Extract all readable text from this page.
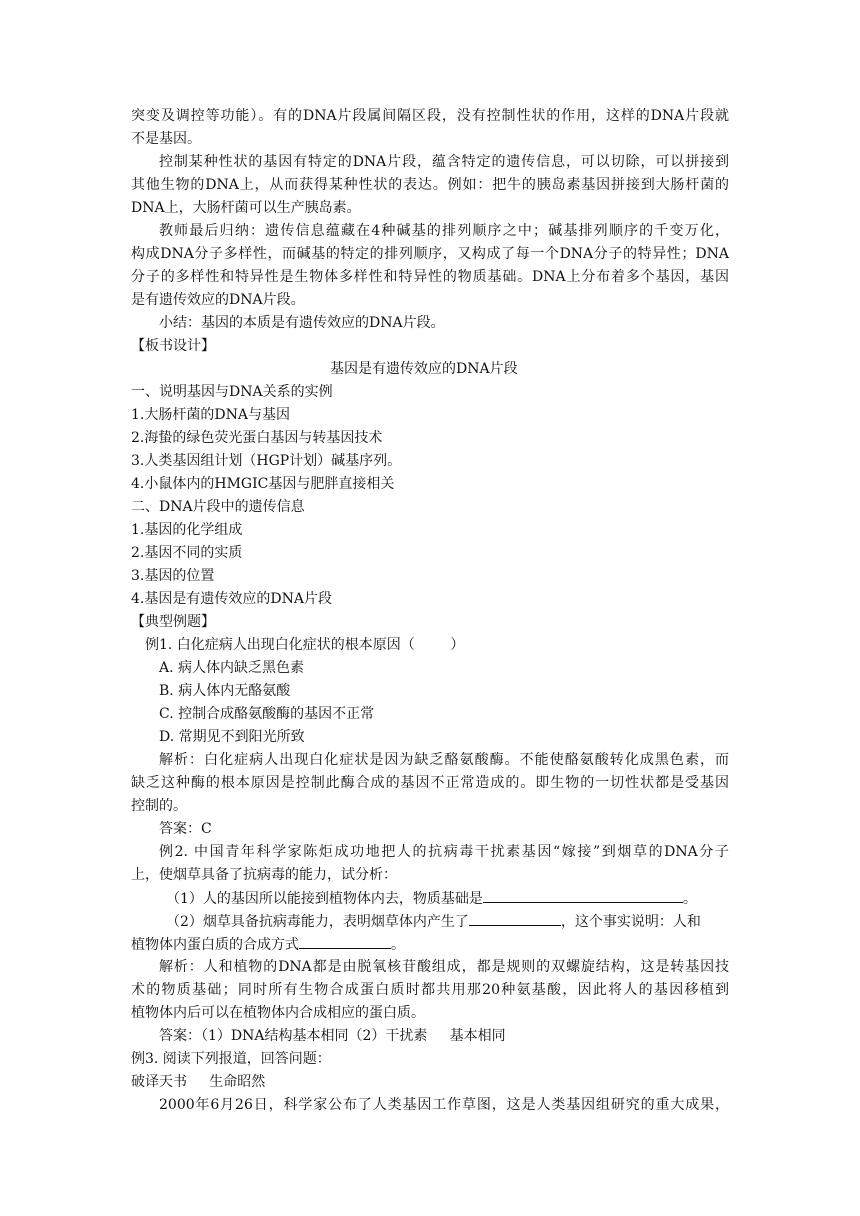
突变及调控等功能）。有的DNA片段属间隔区段，没有控制性状的作用，这样的DNA片段就
不是基因。
控制某种性状的基因有特定的DNA片段，蕴含特定的遗传信息，可以切除，可以拼接到
其他生物的DNA上，从而获得某种性状的表达。例如：把牛的胰岛素基因拼接到大肠杆菌的
DNA上，大肠杆菌可以生产胰岛素。
教师最后归纳：遗传信息蕴藏在4种碱基的排列顺序之中；碱基排列顺序的千变万化，
构成DNA分子多样性，而碱基的特定的排列顺序，又构成了每一个DNA分子的特异性；DNA
分子的多样性和特异性是生物体多样性和特异性的物质基础。DNA上分布着多个基因，基因
是有遗传效应的DNA片段。
小结：基因的本质是有遗传效应的DNA片段。
【板书设计】
基因是有遗传效应的DNA片段
一、说明基因与DNA关系的实例
1.大肠杆菌的DNA与基因
2.海蛰的绿色荧光蛋白基因与转基因技术
3.人类基因组计划（HGP计划）碱基序列。
4.小鼠体内的HMGIC基因与肥胖直接相关
二、DNA片段中的遗传信息
1.基因的化学组成
2.基因不同的实质
3.基因的位置
4.基因是有遗传效应的DNA片段
【典型例题】
例1. 白化症病人出现白化症状的根本原因（        ）
A. 病人体内缺乏黑色素
B. 病人体内无酪氨酸
C. 控制合成酪氨酸酶的基因不正常
D. 常期见不到阳光所致
解析：白化症病人出现白化症状是因为缺乏酪氨酸酶。不能使酪氨酸转化成黑色素，而
缺乏这种酶的根本原因是控制此酶合成的基因不正常造成的。即生物的一切性状都是受基因
控制的。
答案：C
例2. 中国青年科学家陈炬成功地把人的抗病毒干扰素基因“嫁接”到烟草的DNA分子
上，使烟草具备了抗病毒的能力，试分析：
（1）人的基因所以能接到植物体内去，物质基础是	。
（2）烟草具备抗病毒能力，表明烟草体内产生了	，这个事实说明：人和
植物体内蛋白质的合成方式	。
解析：人和植物的DNA都是由脱氧核苷酸组成，都是规则的双螺旋结构，这是转基因技
术的物质基础；同时所有生物合成蛋白质时都共用那20种氨基酸，因此将人的基因移植到
植物体内后可以在植物体内合成相应的蛋白质。
答案：（1）DNA结构基本相同（2）干扰素     基本相同
例3. 阅读下列报道，回答问题：
破译天书     生命昭然
2000年6月26日，科学家公布了人类基因工作草图，这是人类基因组研究的重大成果，
